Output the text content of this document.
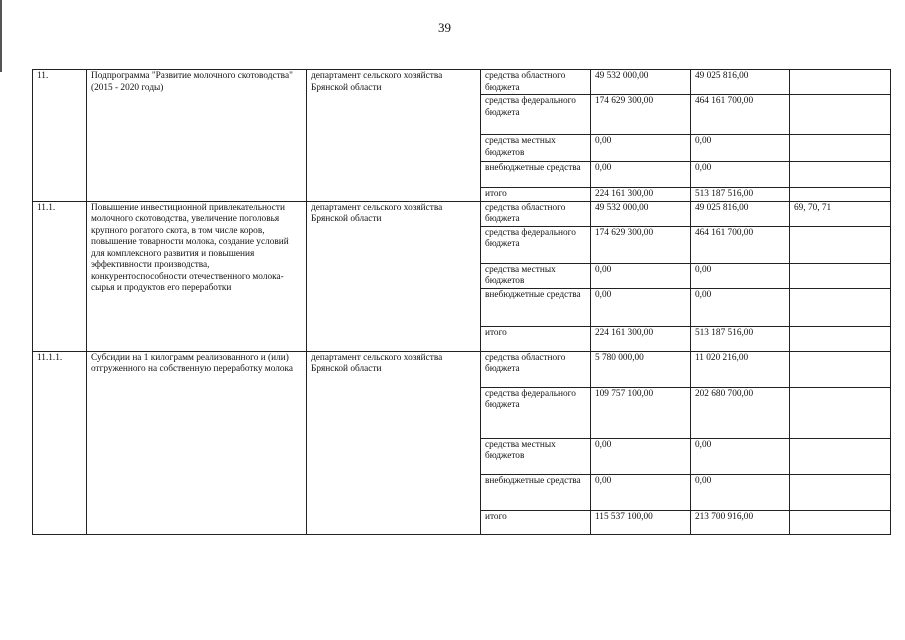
39
11.	Подпрограмма "Развитие молочного скотоводства" (2015 - 2020 годы)	департамент сельского хозяйства Брянской области	средства областного бюджета	49 532 000,00	49 025 816,00	
			средства федерального бюджета	174 629 300,00	464 161 700,00	
			средства местных бюджетов	0,00	0,00	
			внебюджетные средства	0,00	0,00	
			итого	224 161 300,00	513 187 516,00	
11.1.	Повышение инвестиционной привлекательности молочного скотоводства, увеличение поголовья крупного рогатого скота, в том числе коров, повышение товарности молока, создание условий для комплексного развития и повышения эффективности производства, конкурентоспособности отечественного молока-сырья и продуктов его переработки	департамент сельского хозяйства Брянской области	средства областного бюджета	49 532 000,00	49 025 816,00	69, 70, 71
			средства федерального бюджета	174 629 300,00	464 161 700,00	
			средства местных бюджетов	0,00	0,00	
			внебюджетные средства	0,00	0,00	
			итого	224 161 300,00	513 187 516,00	
11.1.1.	Субсидии на 1 килограмм реализованного и (или) отгруженного на собственную переработку молока	департамент сельского хозяйства Брянской области	средства областного бюджета	5 780 000,00	11 020 216,00	
			средства федерального бюджета	109 757 100,00	202 680 700,00	
			средства местных бюджетов	0,00	0,00	
			внебюджетные средства	0,00	0,00	
			итого	115 537 100,00	213 700 916,00	
